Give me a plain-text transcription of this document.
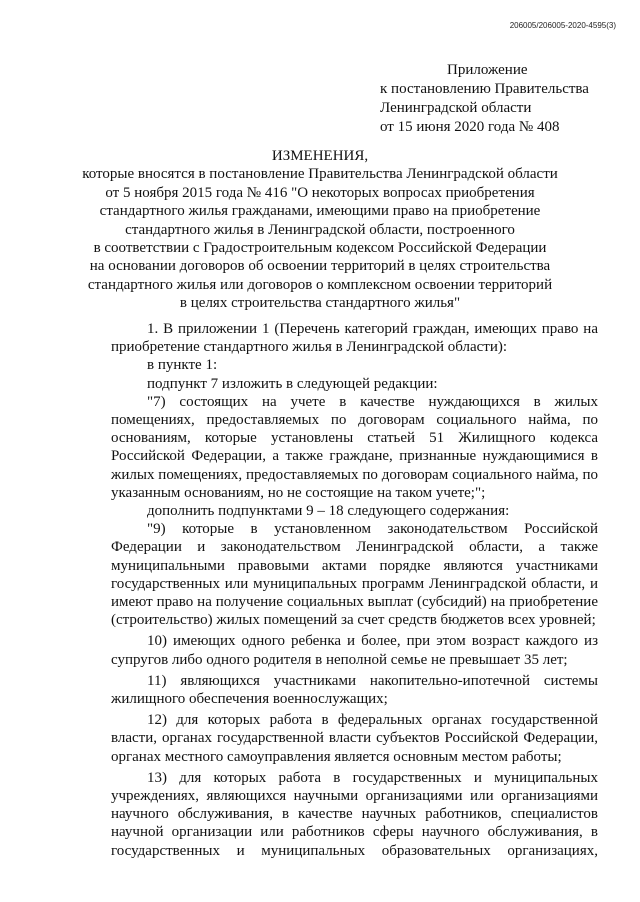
206005/206005-2020-4595(3)
Приложение
к постановлению Правительства
Ленинградской области
от 15 июня 2020 года № 408
ИЗМЕНЕНИЯ,
которые вносятся в постановление Правительства Ленинградской области
от 5 ноября 2015 года № 416 "О некоторых вопросах приобретения
стандартного жилья гражданами, имеющими право на приобретение
стандартного жилья в Ленинградской области, построенного
в соответствии с Градостроительным кодексом Российской Федерации
на основании договоров об освоении территорий в целях строительства
стандартного жилья или договоров о комплексном освоении территорий
в целях строительства стандартного жилья"

1. В приложении 1 (Перечень категорий граждан, имеющих право на приобретение стандартного жилья в Ленинградской области):

в пункте 1:

подпункт 7 изложить в следующей редакции:

"7) состоящих на учете в качестве нуждающихся в жилых помещениях, предоставляемых по договорам социального найма, по основаниям, которые установлены статьей 51 Жилищного кодекса Российской Федерации, а также граждане, признанные нуждающимися в жилых помещениях, предоставляемых по договорам социального найма, по указанным основаниям, но не состоящие на таком учете;";

дополнить подпунктами 9 – 18 следующего содержания:

"9) которые в установленном законодательством Российской Федерации и законодательством Ленинградской области, а также муниципальными правовыми актами порядке являются участниками государственных или муниципальных программ Ленинградской области, и имеют право на получение социальных выплат (субсидий) на приобретение (строительство) жилых помещений за счет средств бюджетов всех уровней;

10) имеющих одного ребенка и более, при этом возраст каждого из супругов либо одного родителя в неполной семье не превышает 35 лет;

11) являющихся участниками накопительно-ипотечной системы жилищного обеспечения военнослужащих;

12) для которых работа в федеральных органах государственной власти, органах государственной власти субъектов Российской Федерации, органах местного самоуправления является основным местом работы;

13) для которых работа в государственных и муниципальных учреждениях, являющихся научными организациями или организациями научного обслуживания, в качестве научных работников, специалистов научной организации или работников сферы научного обслуживания, в государственных и муниципальных образовательных организациях,
